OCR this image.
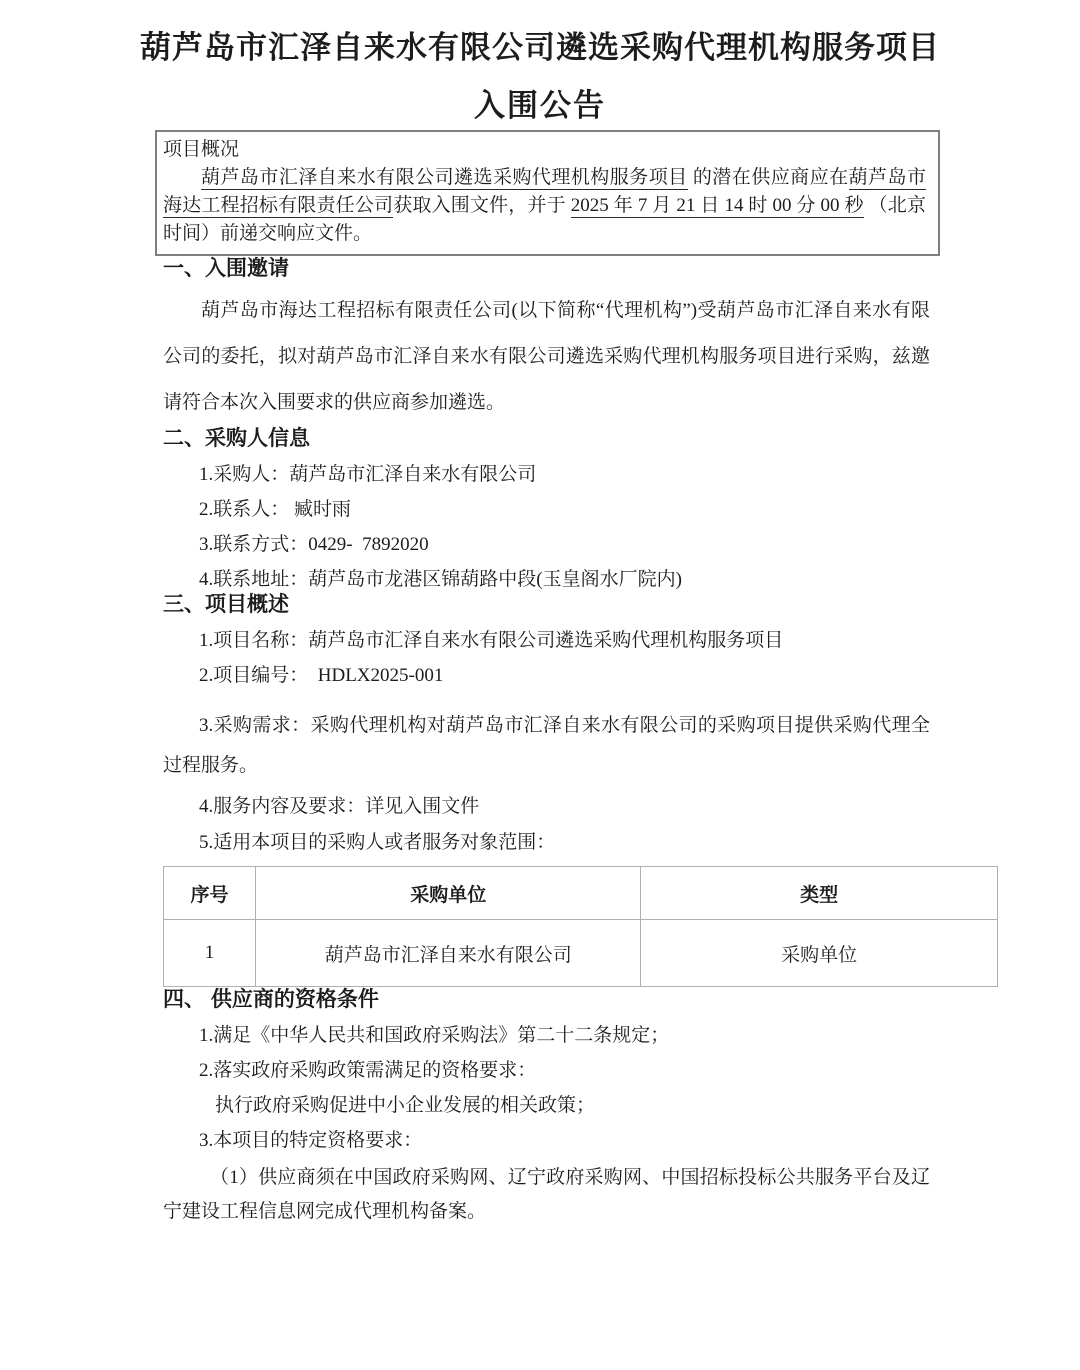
葫芦岛市汇泽自来水有限公司遴选采购代理机构服务项目
入围公告
项目概况

葫芦岛市汇泽自来水有限公司遴选采购代理机构服务项目 的潜在供应商应在葫芦岛市海达工程招标有限责任公司获取入围文件，并于 2025 年 7 月 21 日 14 时 00 分 00 秒 （北京时间）前递交响应文件。

一、入围邀请

葫芦岛市海达工程招标有限责任公司(以下简称“代理机构”)受葫芦岛市汇泽自来水有限公司的委托，拟对葫芦岛市汇泽自来水有限公司遴选采购代理机构服务项目进行采购，兹邀请符合本次入围要求的供应商参加遴选。

二、采购人信息
1.采购人：葫芦岛市汇泽自来水有限公司
2.联系人： 臧时雨
3.联系方式：0429-  7892020
4.联系地址：葫芦岛市龙港区锦葫路中段(玉皇阁水厂院内)
三、项目概述
1.项目名称：葫芦岛市汇泽自来水有限公司遴选采购代理机构服务项目
2.项目编号：  HDLX2025-001

3.采购需求：采购代理机构对葫芦岛市汇泽自来水有限公司的采购项目提供采购代理全过程服务。

4.服务内容及要求：详见入围文件
5.适用本项目的采购人或者服务对象范围：
序号	采购单位	类型
1	葫芦岛市汇泽自来水有限公司	采购单位
四、 供应商的资格条件
1.满足《中华人民共和国政府采购法》第二十二条规定；
2.落实政府采购政策需满足的资格要求：
执行政府采购促进中小企业发展的相关政策；
3.本项目的特定资格要求：

（1）供应商须在中国政府采购网、辽宁政府采购网、中国招标投标公共服务平台及辽宁建设工程信息网完成代理机构备案。
